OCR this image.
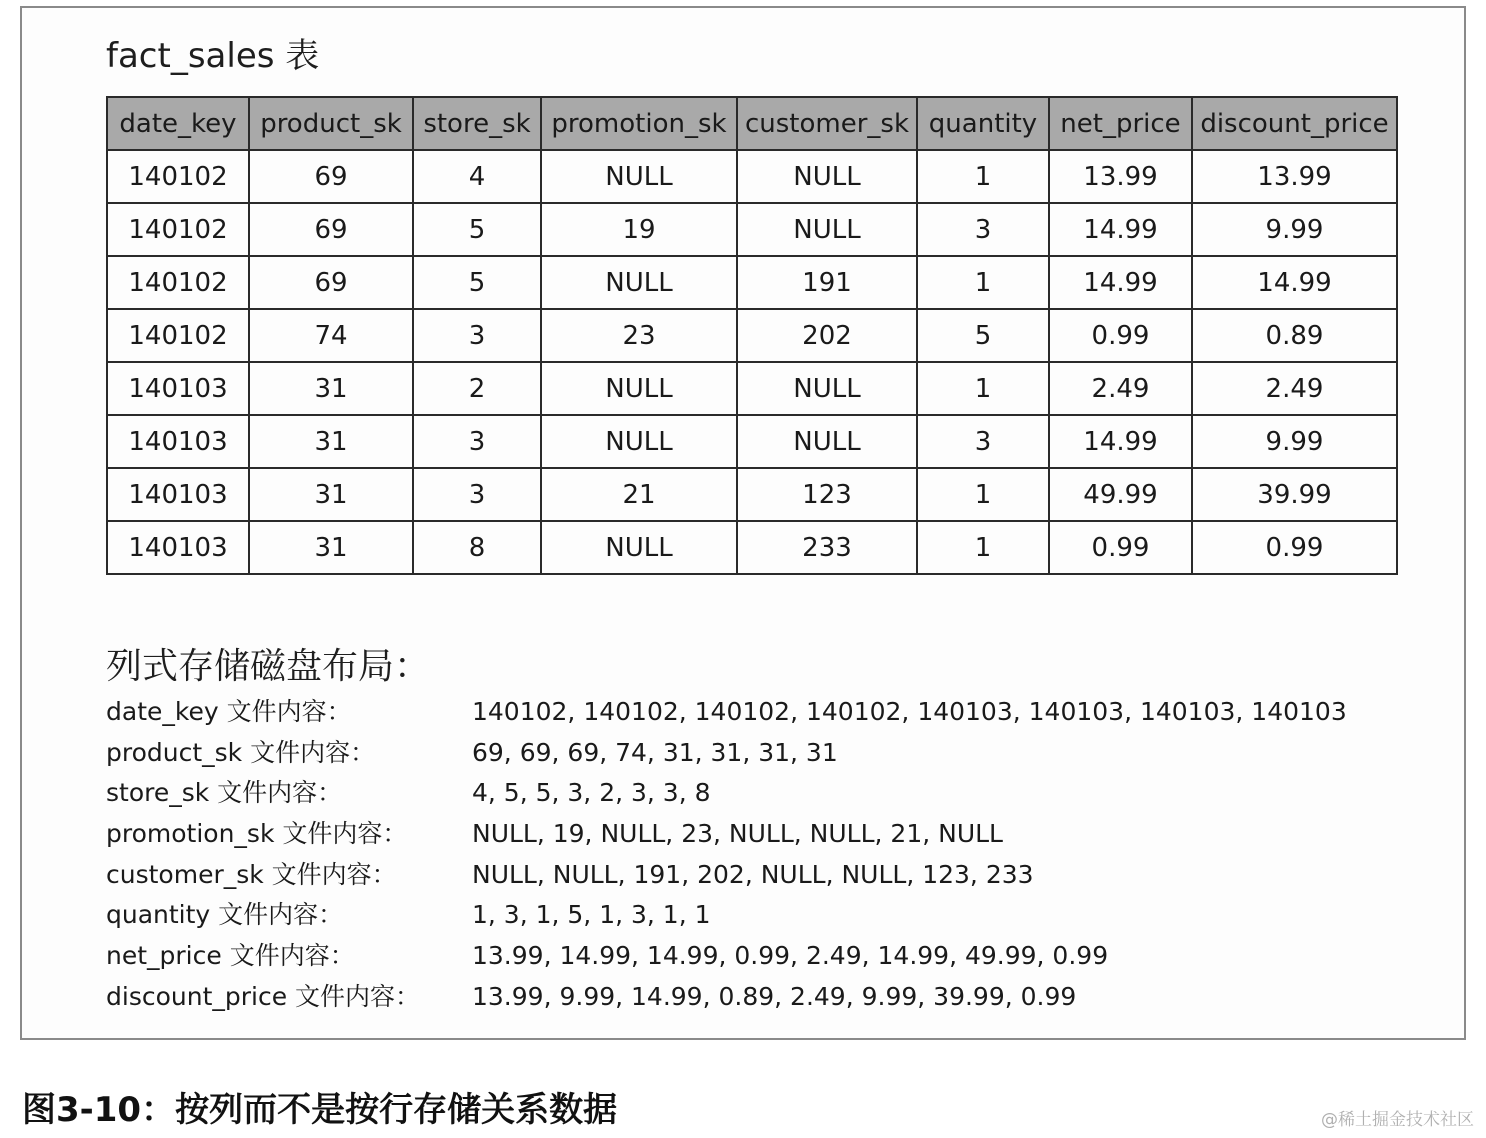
fact_sales 表
date_key	product_sk	store_sk	promotion_sk	customer_sk	quantity	net_price	discount_price
140102	69	4	NULL	NULL	1	13.99	13.99
140102	69	5	19	NULL	3	14.99	9.99
140102	69	5	NULL	191	1	14.99	14.99
140102	74	3	23	202	5	0.99	0.89
140103	31	2	NULL	NULL	1	2.49	2.49
140103	31	3	NULL	NULL	3	14.99	9.99
140103	31	3	21	123	1	49.99	39.99
140103	31	8	NULL	233	1	0.99	0.99
列式存储磁盘布局：
date_key 文件内容：	140102, 140102, 140102, 140102, 140103, 140103, 140103, 140103
product_sk 文件内容：	69, 69, 69, 74, 31, 31, 31, 31
store_sk 文件内容：	4, 5, 5, 3, 2, 3, 3, 8
promotion_sk 文件内容：	NULL, 19, NULL, 23, NULL, NULL, 21, NULL
customer_sk 文件内容：	NULL, NULL, 191, 202, NULL, NULL, 123, 233
quantity 文件内容：	1, 3, 1, 5, 1, 3, 1, 1
net_price 文件内容：	13.99, 14.99, 14.99, 0.99, 2.49, 14.99, 49.99, 0.99
discount_price 文件内容： 13.99, 9.99, 14.99, 0.89, 2.49, 9.99, 39.99, 0.99
图3-10：按列而不是按行存储关系数据	@稀土掘金技术社区
